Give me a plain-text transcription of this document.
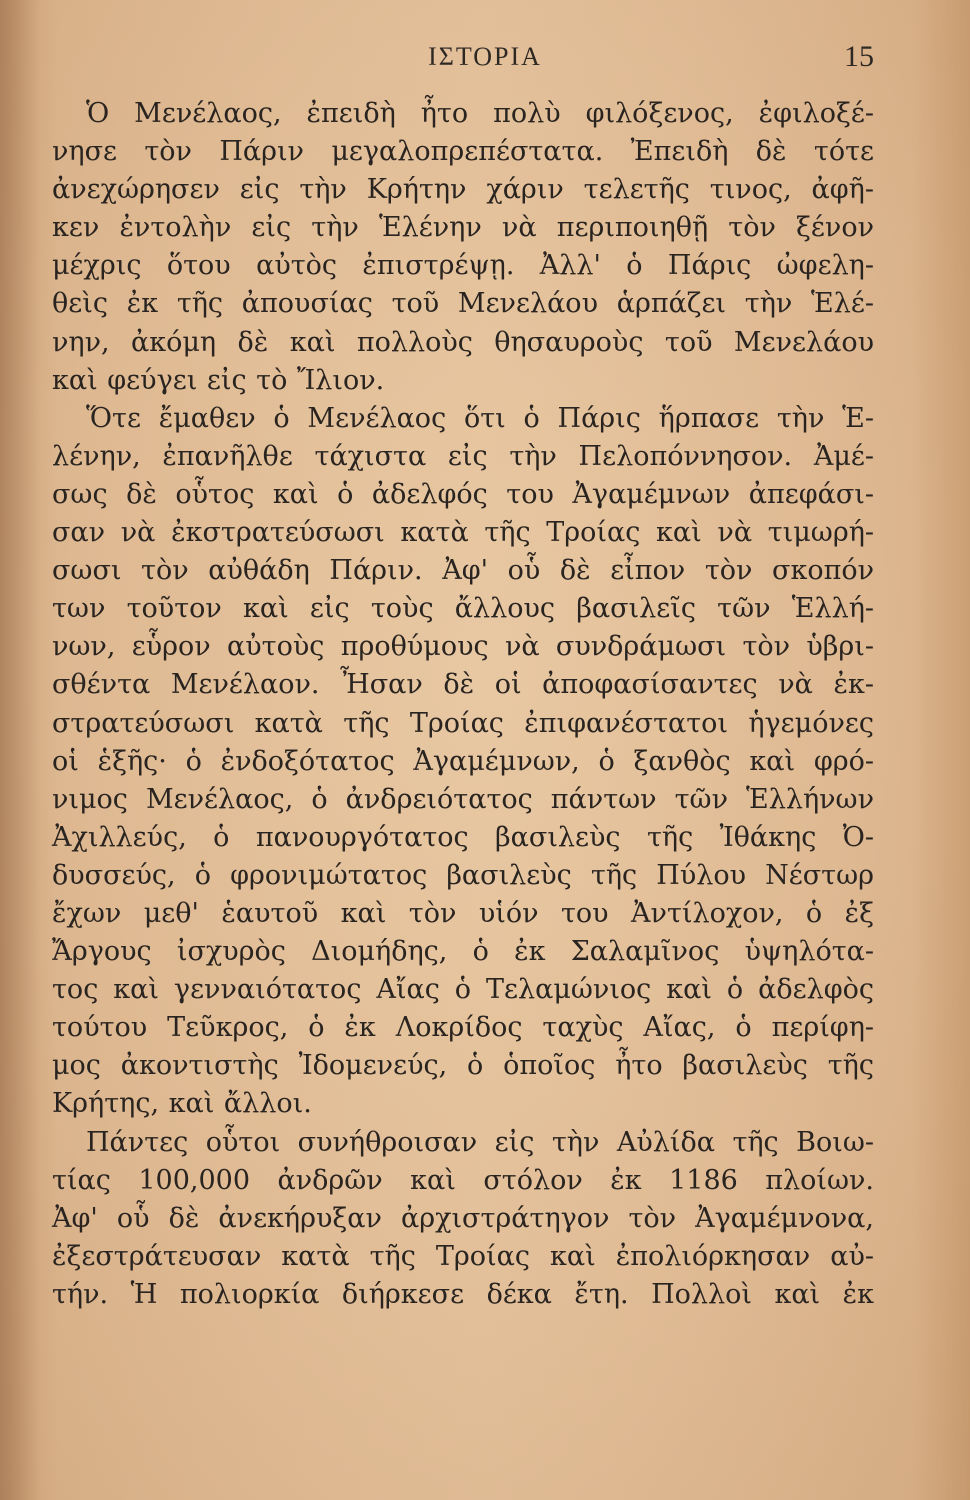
ΙΣΤΟΡΙΑ	15
Ὁ Μενέλαος, ἐπειδὴ ἦτο πολὺ φιλόξενος, ἐφιλοξέ-
νησε τὸν Πάριν μεγαλοπρεπέστατα. Ἐπειδὴ δὲ τότε
ἀνεχώρησεν εἰς τὴν Κρήτην χάριν τελετῆς τινος, ἀφῆ-
κεν ἐντολὴν εἰς τὴν Ἑλένην νὰ περιποιηθῇ τὸν ξένον
μέχρις ὅτου αὐτὸς ἐπιστρέψῃ. Ἀλλ' ὁ Πάρις ὠφελη-
θεὶς ἐκ τῆς ἀπουσίας τοῦ Μενελάου ἁρπάζει τὴν Ἑλέ-
νην, ἀκόμη δὲ καὶ πολλοὺς θησαυροὺς τοῦ Μενελάου
καὶ φεύγει εἰς τὸ Ἴλιον.
Ὅτε ἔμαθεν ὁ Μενέλαος ὅτι ὁ Πάρις ἥρπασε τὴν Ἑ-
λένην, ἐπανῆλθε τάχιστα εἰς τὴν Πελοπόννησον. Ἀμέ-
σως δὲ οὗτος καὶ ὁ ἀδελφός του Ἀγαμέμνων ἀπεφάσι-
σαν νὰ ἐκστρατεύσωσι κατὰ τῆς Τροίας καὶ νὰ τιμωρή-
σωσι τὸν αὐθάδη Πάριν. Ἀφ' οὗ δὲ εἶπον τὸν σκοπόν
των τοῦτον καὶ εἰς τοὺς ἄλλους βασιλεῖς τῶν Ἑλλή-
νων, εὗρον αὐτοὺς προθύμους νὰ συνδράμωσι τὸν ὑβρι-
σθέντα Μενέλαον. Ἦσαν δὲ οἱ ἀποφασίσαντες νὰ ἐκ-
στρατεύσωσι κατὰ τῆς Τροίας ἐπιφανέστατοι ἡγεμόνες
οἱ ἑξῆς· ὁ ἐνδοξότατος Ἀγαμέμνων, ὁ ξανθὸς καὶ φρό-
νιμος Μενέλαος, ὁ ἀνδρειότατος πάντων τῶν Ἑλλήνων
Ἀχιλλεύς, ὁ πανουργότατος βασιλεὺς τῆς Ἰθάκης Ὀ-
δυσσεύς, ὁ φρονιμώτατος βασιλεὺς τῆς Πύλου Νέστωρ
ἔχων μεθ' ἑαυτοῦ καὶ τὸν υἱόν του Ἀντίλοχον, ὁ ἐξ
Ἄργους ἰσχυρὸς Διομήδης, ὁ ἐκ Σαλαμῖνος ὑψηλότα-
τος καὶ γενναιότατος Αἴας ὁ Τελαμώνιος καὶ ὁ ἀδελφὸς
τούτου Τεῦκρος, ὁ ἐκ Λοκρίδος ταχὺς Αἴας, ὁ περίφη-
μος ἀκοντιστὴς Ἰδομενεύς, ὁ ὁποῖος ἦτο βασιλεὺς τῆς
Κρήτης, καὶ ἄλλοι.
Πάντες οὗτοι συνήθροισαν εἰς τὴν Αὐλίδα τῆς Βοιω-
τίας 100,000 ἀνδρῶν καὶ στόλον ἐκ 1186 πλοίων.
Ἀφ' οὗ δὲ ἀνεκήρυξαν ἀρχιστράτηγον τὸν Ἀγαμέμνονα,
ἐξεστράτευσαν κατὰ τῆς Τροίας καὶ ἐπολιόρκησαν αὐ-
τήν. Ἡ πολιορκία διήρκεσε δέκα ἔτη. Πολλοὶ καὶ ἐκ
